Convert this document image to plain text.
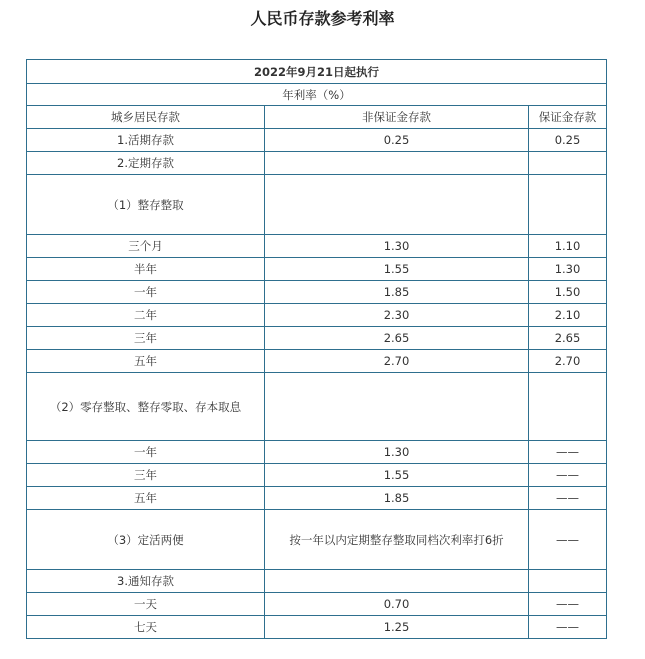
人民币存款参考利率
2022年9月21日起执行		
年利率（%）		
城乡居民存款	非保证金存款	保证金存款
1.活期存款	0.25	0.25
2.定期存款		
（1）整存整取		
三个月	1.30	1.10
半年	1.55	1.30
一年	1.85	1.50
二年	2.30	2.10
三年	2.65	2.65
五年	2.70	2.70
（2）零存整取、整存零取、存本取息		
一年	1.30	——
三年	1.55	——
五年	1.85	——
（3）定活两便	按一年以内定期整存整取同档次利率打6折	——
3.通知存款		
一天	0.70	——
七天	1.25	——
